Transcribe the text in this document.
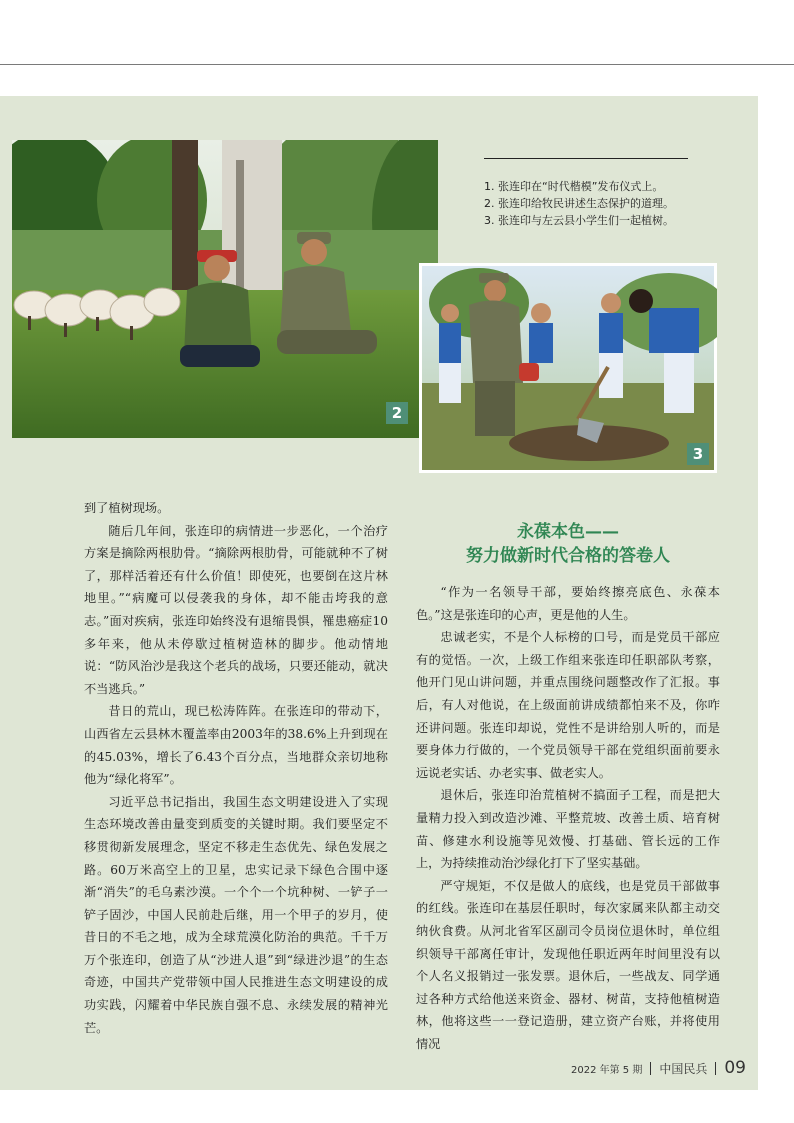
2
1. 张连印在“时代楷模”发布仪式上。
2. 张连印给牧民讲述生态保护的道理。
3. 张连印与左云县小学生们一起植树。
3

到了植树现场。

随后几年间，张连印的病情进一步恶化，一个治疗方案是摘除两根肋骨。“摘除两根肋骨，可能就种不了树了，那样活着还有什么价值！即使死，也要倒在这片林地里。”“病魔可以侵袭我的身体，却不能击垮我的意志。”面对疾病，张连印始终没有退缩畏惧，罹患癌症10多年来，他从未停歇过植树造林的脚步。他动情地说：“防风治沙是我这个老兵的战场，只要还能动，就决不当逃兵。”

昔日的荒山，现已松涛阵阵。在张连印的带动下，山西省左云县林木覆盖率由2003年的38.6%上升到现在的45.03%，增长了6.43个百分点，当地群众亲切地称他为“绿化将军”。

习近平总书记指出，我国生态文明建设进入了实现生态环境改善由量变到质变的关键时期。我们要坚定不移贯彻新发展理念，坚定不移走生态优先、绿色发展之路。60万米高空上的卫星，忠实记录下绿色合围中逐渐“消失”的毛乌素沙漠。一个个一个坑种树、一铲子一铲子固沙，中国人民前赴后继，用一个甲子的岁月，使昔日的不毛之地，成为全球荒漠化防治的典范。千千万万个张连印，创造了从“沙进人退”到“绿进沙退”的生态奇迹，中国共产党带领中国人民推进生态文明建设的成功实践，闪耀着中华民族自强不息、永续发展的精神光芒。

永葆本色——
努力做新时代合格的答卷人

“作为一名领导干部，要始终擦亮底色、永葆本色。”这是张连印的心声，更是他的人生。

忠诚老实，不是个人标榜的口号，而是党员干部应有的觉悟。一次，上级工作组来张连印任职部队考察，他开门见山讲问题，并重点围绕问题整改作了汇报。事后，有人对他说，在上级面前讲成绩都怕来不及，你咋还讲问题。张连印却说，党性不是讲给别人听的，而是要身体力行做的，一个党员领导干部在党组织面前要永远说老实话、办老实事、做老实人。

退休后，张连印治荒植树不搞面子工程，而是把大量精力投入到改造沙滩、平整荒坡、改善土质、培育树苗、修建水利设施等见效慢、打基础、管长远的工作上，为持续推动治沙绿化打下了坚实基础。

严守规矩，不仅是做人的底线，也是党员干部做事的红线。张连印在基层任职时，每次家属来队都主动交纳伙食费。从河北省军区副司令员岗位退休时，单位组织领导干部离任审计，发现他任职近两年时间里没有以个人名义报销过一张发票。退休后，一些战友、同学通过各种方式给他送来资金、器材、树苗，支持他植树造林，他将这些一一登记造册，建立资产台账，并将使用情况

2022 年第 5 期 中国民兵 09
